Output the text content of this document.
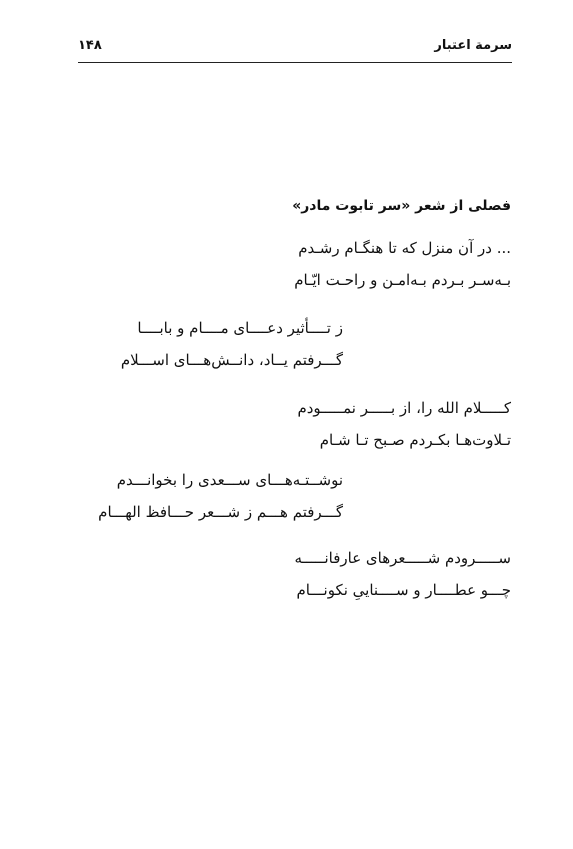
سرمة اعتبار
۱۴۸
فصلی از شعر «سر تابوت مادر»
... در آن منزل که تا هنگـام رشـدم
بـه‌سـر بـردم بـه‌امـن و راحـت ایّـام
ز تــــأثیر دعــــای مــــام و بابــــا
گـــرفتم یــاد، دانــش‌هـــای اســـلام
کـــــلام الله را، از بـــــر نمـــــودم
تـلاوت‌هـا بکـردم صـبح تـا شـام
نوشــتـه‌هـــای ســـعدی را بخوانـــدم
گـــرفتم هـــم ز شـــعر حـــافظ الهـــام
ســـــرودم شـــــعرهای عارفانـــــه
چـــو عطــــار و ســــنایی‌ِ نکونـــام
